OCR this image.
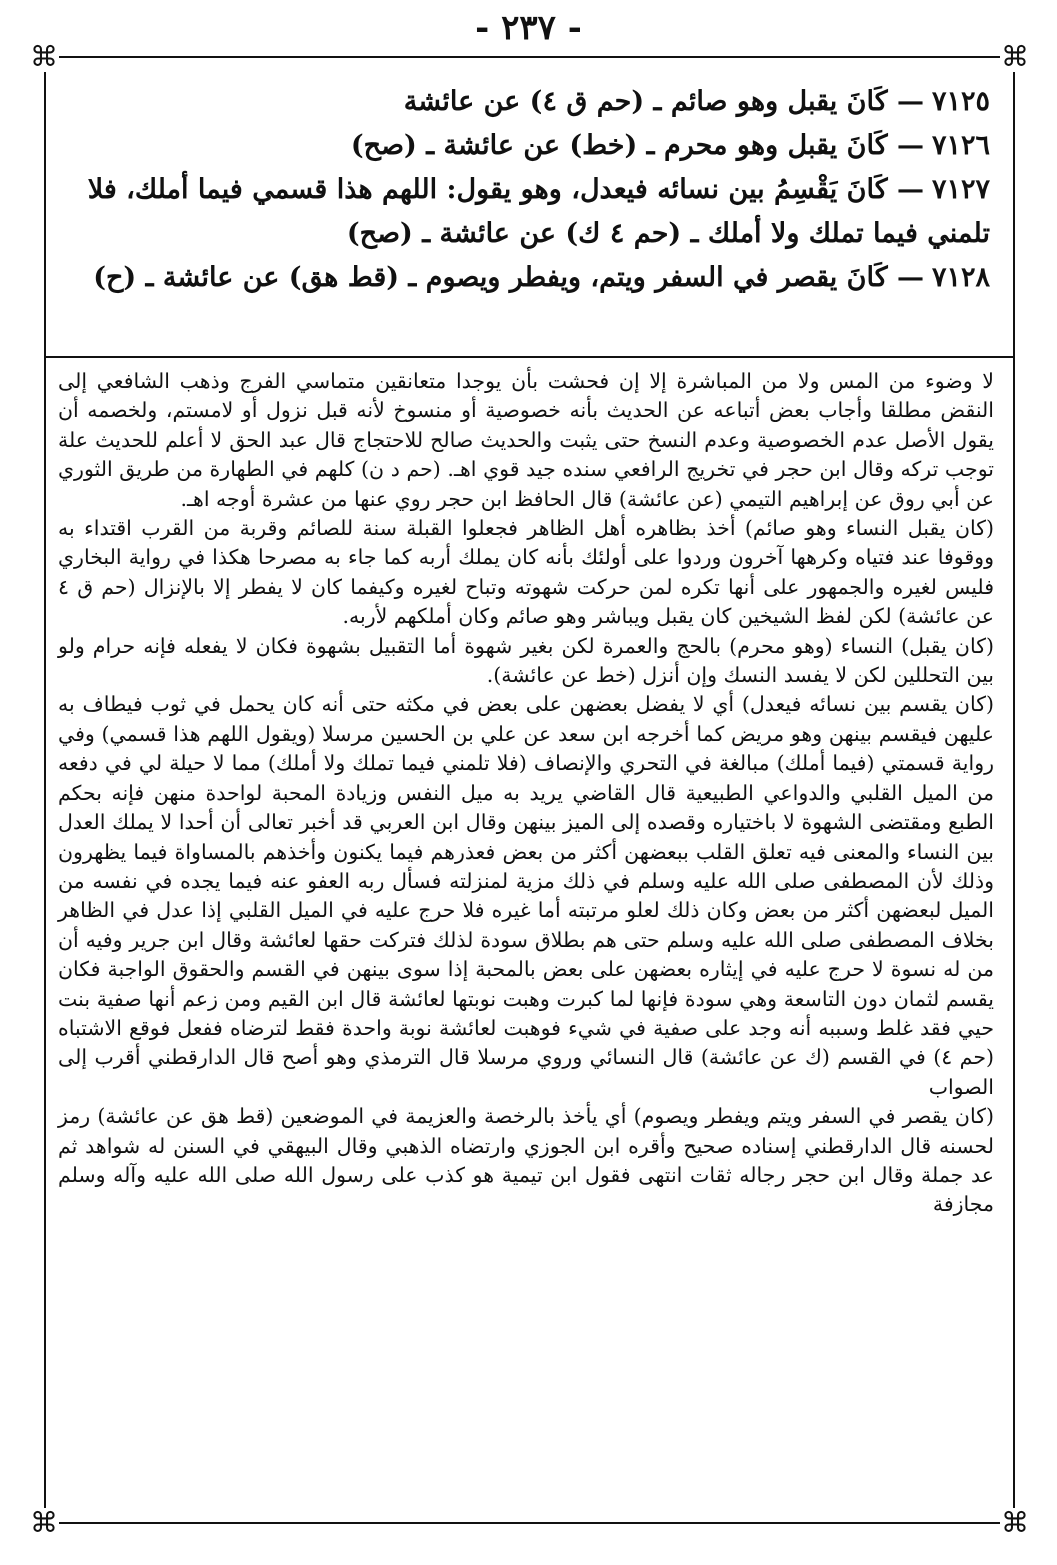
- ٢٣٧ -
⌘	⌘
⌘	⌘

٧١٢٥— كَانَ يقبل وهو صائم ـ (حم ق ٤) عن عائشة

٧١٢٦— كَانَ يقبل وهو محرم ـ (خط) عن عائشة ـ (صح)

٧١٢٧— كَانَ يَقْسِمُ بين نسائه فيعدل، وهو يقول: اللهم هذا قسمي فيما أملك، فلا تلمني فيما تملك ولا أملك ـ (حم ٤ ك) عن عائشة ـ (صح)

٧١٢٨— كَانَ يقصر في السفر ويتم، ويفطر ويصوم ـ (قط هق) عن عائشة ـ (ح)

لا وضوء من المس ولا من المباشرة إلا إن فحشت بأن يوجدا متعانقين متماسي الفرج وذهب الشافعي إلى النقض مطلقا وأجاب بعض أتباعه عن الحديث بأنه خصوصية أو منسوخ لأنه قبل نزول أو لامستم، ولخصمه أن يقول الأصل عدم الخصوصية وعدم النسخ حتى يثبت والحديث صالح للاحتجاج قال عبد الحق لا أعلم للحديث علة توجب تركه وقال ابن حجر في تخريج الرافعي سنده جيد قوي اهـ. (حم د ن) كلهم في الطهارة من طريق الثوري عن أبي روق عن إبراهيم التيمي (عن عائشة) قال الحافظ ابن حجر روي عنها من عشرة أوجه اهـ.

(كان يقبل النساء وهو صائم) أخذ بظاهره أهل الظاهر فجعلوا القبلة سنة للصائم وقربة من القرب اقتداء به ووقوفا عند فتياه وكرهها آخرون وردوا على أولئك بأنه كان يملك أربه كما جاء به مصرحا هكذا في رواية البخاري فليس لغيره والجمهور على أنها تكره لمن حركت شهوته وتباح لغيره وكيفما كان لا يفطر إلا بالإنزال (حم ق ٤ عن عائشة) لكن لفظ الشيخين كان يقبل ويباشر وهو صائم وكان أملكهم لأربه.

(كان يقبل) النساء (وهو محرم) بالحج والعمرة لكن بغير شهوة أما التقبيل بشهوة فكان لا يفعله فإنه حرام ولو بين التحللين لكن لا يفسد النسك وإن أنزل (خط عن عائشة).

(كان يقسم بين نسائه فيعدل) أي لا يفضل بعضهن على بعض في مكثه حتى أنه كان يحمل في ثوب فيطاف به عليهن فيقسم بينهن وهو مريض كما أخرجه ابن سعد عن علي بن الحسين مرسلا (ويقول اللهم هذا قسمي) وفي رواية قسمتي (فيما أملك) مبالغة في التحري والإنصاف (فلا تلمني فيما تملك ولا أملك) مما لا حيلة لي في دفعه من الميل القلبي والدواعي الطبيعية قال القاضي يريد به ميل النفس وزيادة المحبة لواحدة منهن فإنه بحكم الطبع ومقتضى الشهوة لا باختياره وقصده إلى الميز بينهن وقال ابن العربي قد أخبر تعالى أن أحدا لا يملك العدل بين النساء والمعنى فيه تعلق القلب ببعضهن أكثر من بعض فعذرهم فيما يكنون وأخذهم بالمساواة فيما يظهرون وذلك لأن المصطفى صلى الله عليه وسلم في ذلك مزية لمنزلته فسأل ربه العفو عنه فيما يجده في نفسه من الميل لبعضهن أكثر من بعض وكان ذلك لعلو مرتبته أما غيره فلا حرج عليه في الميل القلبي إذا عدل في الظاهر بخلاف المصطفى صلى الله عليه وسلم حتى هم بطلاق سودة لذلك فتركت حقها لعائشة وقال ابن جرير وفيه أن من له نسوة لا حرج عليه في إيثاره بعضهن على بعض بالمحبة إذا سوى بينهن في القسم والحقوق الواجبة فكان يقسم لثمان دون التاسعة وهي سودة فإنها لما كبرت وهبت نوبتها لعائشة قال ابن القيم ومن زعم أنها صفية بنت حيي فقد غلط وسببه أنه وجد على صفية في شيء فوهبت لعائشة نوبة واحدة فقط لترضاه ففعل فوقع الاشتباه (حم ٤) في القسم (ك عن عائشة) قال النسائي وروي مرسلا قال الترمذي وهو أصح قال الدارقطني أقرب إلى الصواب

(كان يقصر في السفر ويتم ويفطر ويصوم) أي يأخذ بالرخصة والعزيمة في الموضعين (قط هق عن عائشة) رمز لحسنه قال الدارقطني إسناده صحيح وأقره ابن الجوزي وارتضاه الذهبي وقال البيهقي في السنن له شواهد ثم عد جملة وقال ابن حجر رجاله ثقات انتهى فقول ابن تيمية هو كذب على رسول الله صلى الله عليه وآله وسلم مجازفة
